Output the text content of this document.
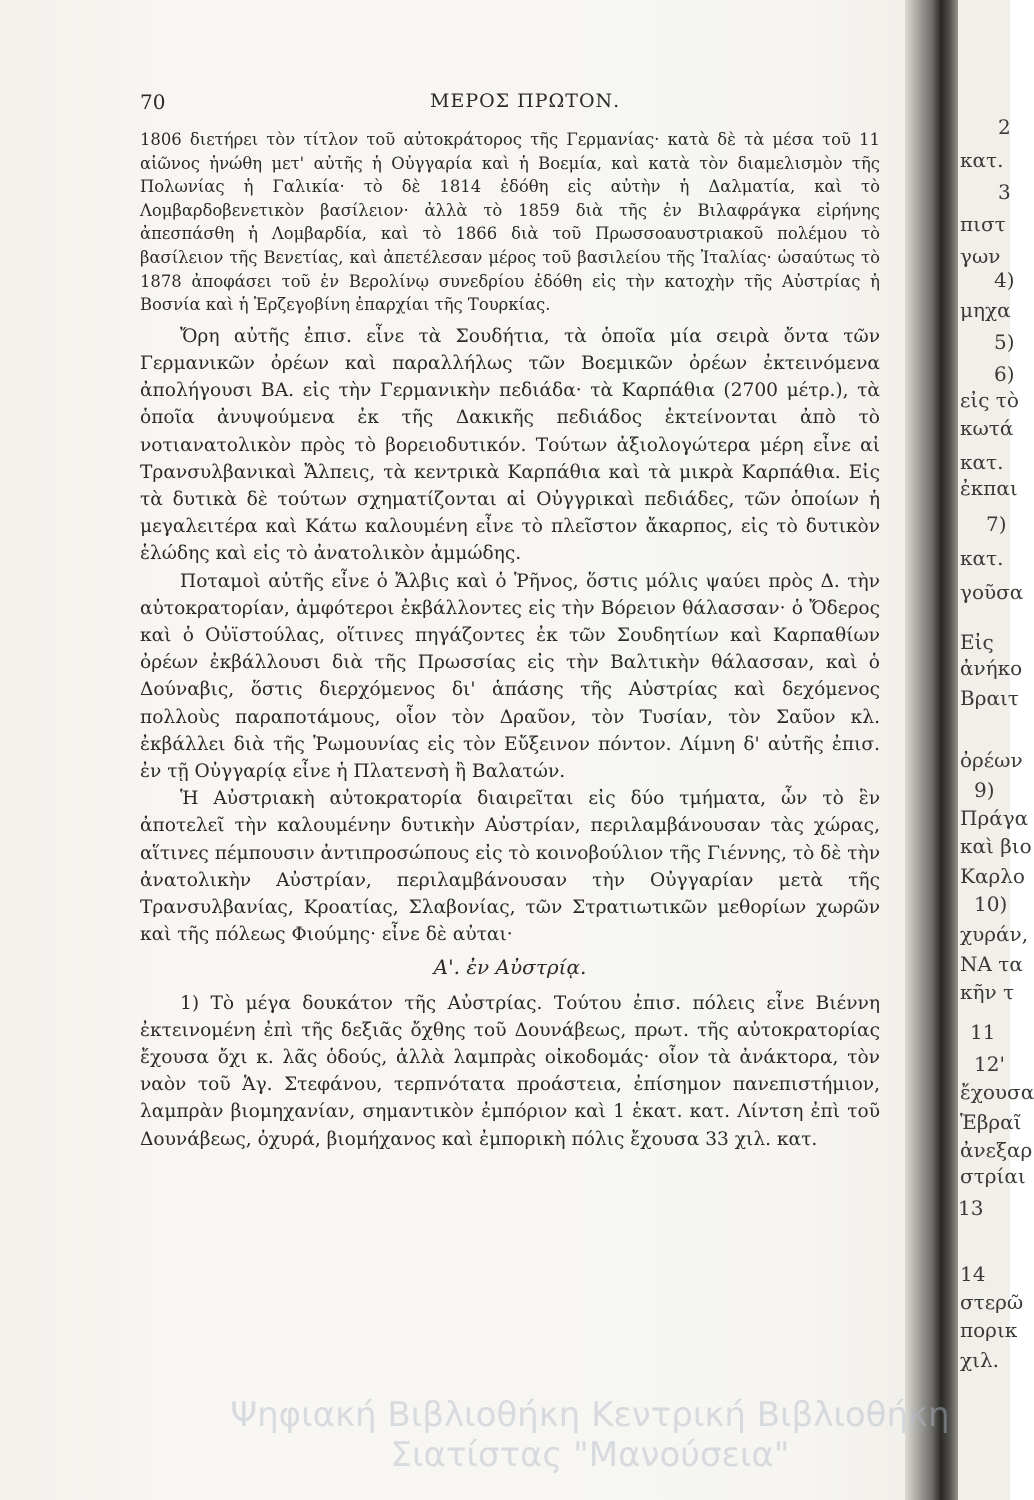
70	ΜΕΡΟΣ ΠΡΩΤΟΝ.

1806 διετήρει τὸν τίτλον τοῦ αὐτοκράτορος τῆς Γερμανίας· κατὰ δὲ τὰ μέσα τοῦ 11 αἰῶνος ἡνώθη μετ' αὐτῆς ἡ Οὐγγαρία καὶ ἡ Βοεμία, καὶ κατὰ τὸν διαμελισμὸν τῆς Πολωνίας ἡ Γαλικία· τὸ δὲ 1814 ἐδόθη εἰς αὐτὴν ἡ Δαλματία, καὶ τὸ Λομβαρδοβενετικὸν βασίλειον· ἀλλὰ τὸ 1859 διὰ τῆς ἐν Βιλαφράγκα εἰρήνης ἀπεσπάσθη ἡ Λομβαρδία, καὶ τὸ 1866 διὰ τοῦ Πρωσσοαυστριακοῦ πολέμου τὸ βασίλειον τῆς Βενετίας, καὶ ἀπετέλεσαν μέρος τοῦ βασιλείου τῆς Ἰταλίας· ὡσαύτως τὸ 1878 ἀποφάσει τοῦ ἐν Βερολίνῳ συνεδρίου ἐδόθη εἰς τὴν κατοχὴν τῆς Αὐστρίας ἡ Βοσνία καὶ ἡ Ἐρζεγοβίνη ἐπαρχίαι τῆς Τουρκίας.

Ὄρη αὐτῆς ἐπισ. εἶνε τὰ Σουδήτια, τὰ ὁποῖα μία σειρὰ ὄντα τῶν Γερμανικῶν ὀρέων καὶ παραλλήλως τῶν Βοεμικῶν ὀρέων ἐκτεινόμενα ἀπολήγουσι ΒΑ. εἰς τὴν Γερμανικὴν πεδιάδα· τὰ Καρπάθια (2700 μέτρ.), τὰ ὁποῖα ἀνυψούμενα ἐκ τῆς Δακικῆς πεδιάδος ἐκτείνονται ἀπὸ τὸ νοτιανατολικὸν πρὸς τὸ βορειοδυτικόν. Τούτων ἀξιολογώτερα μέρη εἶνε αἱ Τρανσυλβανικαὶ Ἄλπεις, τὰ κεντρικὰ Καρπάθια καὶ τὰ μικρὰ Καρπάθια. Εἰς τὰ δυτικὰ δὲ τούτων σχηματίζονται αἱ Οὐγγρικαὶ πεδιάδες, τῶν ὁποίων ἡ μεγαλειτέρα καὶ Κάτω καλουμένη εἶνε τὸ πλεῖστον ἄκαρπος, εἰς τὸ δυτικὸν ἑλώδης καὶ εἰς τὸ ἀνατολικὸν ἀμμώδης.

Ποταμοὶ αὐτῆς εἶνε ὁ Ἄλβις καὶ ὁ Ῥῆνος, ὅστις μόλις ψαύει πρὸς Δ. τὴν αὐτοκρατορίαν, ἀμφότεροι ἐκβάλλοντες εἰς τὴν Βόρειον θάλασσαν· ὁ Ὄδερος καὶ ὁ Οὐϊστούλας, οἵτινες πηγάζοντες ἐκ τῶν Σουδητίων καὶ Καρπαθίων ὀρέων ἐκβάλλουσι διὰ τῆς Πρωσσίας εἰς τὴν Βαλτικὴν θάλασσαν, καὶ ὁ Δούναβις, ὅστις διερχόμενος δι' ἁπάσης τῆς Αὐστρίας καὶ δεχόμενος πολλοὺς παραποτάμους, οἷον τὸν Δραῦον, τὸν Τυσίαν, τὸν Σαῦον κλ. ἐκβάλλει διὰ τῆς Ῥωμουνίας εἰς τὸν Εὔξεινον πόντον. Λίμνη δ' αὐτῆς ἐπισ. ἐν τῇ Οὐγγαρίᾳ εἶνε ἡ Πλατενσὴ ἢ Βαλατών.

Ἡ Αὐστριακὴ αὐτοκρατορία διαιρεῖται εἰς δύο τμήματα, ὧν τὸ ἓν ἀποτελεῖ τὴν καλουμένην δυτικὴν Αὐστρίαν, περιλαμβάνουσαν τὰς χώρας, αἵτινες πέμπουσιν ἀντιπροσώπους εἰς τὸ κοινοβούλιον τῆς Γιέννης, τὸ δὲ τὴν ἀνατολικὴν Αὐστρίαν, περιλαμβάνουσαν τὴν Οὐγγαρίαν μετὰ τῆς Τρανσυλβανίας, Κροατίας, Σλαβονίας, τῶν Στρατιωτικῶν μεθορίων χωρῶν καὶ τῆς πόλεως Φιούμης· εἶνε δὲ αὐται·

Α'. ἐν Αὐστρίᾳ.

1) Τὸ μέγα δουκάτον τῆς Αὐστρίας. Τούτου ἐπισ. πόλεις εἶνε Βιέννη ἐκτεινομένη ἐπὶ τῆς δεξιᾶς ὄχθης τοῦ Δουνάβεως, πρωτ. τῆς αὐτοκρατορίας ἔχουσα ὄχι κ. λᾶς ὁδούς, ἀλλὰ λαμπρὰς οἰκοδομάς· οἷον τὰ ἀνάκτορα, τὸν ναὸν τοῦ Ἁγ. Στεφάνου, τερπνότατα προάστεια, ἐπίσημον πανεπιστήμιον, λαμπρὰν βιομηχανίαν, σημαντικὸν ἐμπόριον καὶ 1 ἑκατ. κατ. Λίντση ἐπὶ τοῦ Δουνάβεως, ὀχυρά, βιομήχανος καὶ ἐμπορικὴ πόλις ἔχουσα 33 χιλ. κατ.

2
κατ.
3
πιστ
γων
4)
μηχα
5)
6)
εἰς τὸ
κωτά
κατ.
ἐκπαι
7)
κατ.
γοῦσα
Εἰς
ἀνήκο
Βραιτ
ὀρέων
9)
Πράγα
καὶ βιο
Καρλο
10)
χυράν,
ΝΑ τα
κῆν τ
11
12'
ἔχουσα
Ἑβραῖ
ἀνεξαρ
στρίαι
13
14
στερῶ
πορικ
χιλ.
Ψηφιακή Βιβλιοθήκη Κεντρική Βιβλιοθήκη Σιατίστας "Μανούσεια"
